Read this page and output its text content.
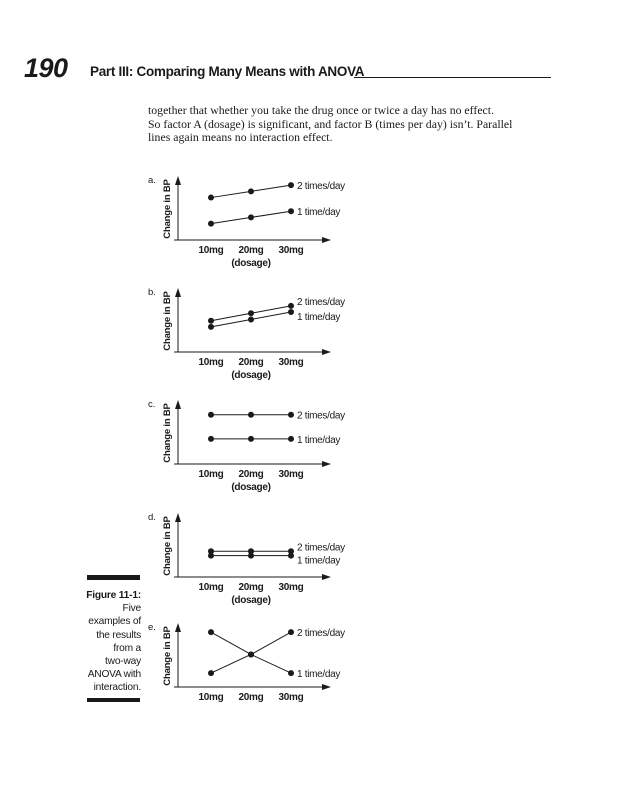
190 Part III: Comparing Many Means with ANOVA
together that whether you take the drug once or twice a day has no effect.
So factor A (dosage) is significant, and factor B (times per day) isn’t. Parallel
lines again means no interaction effect.
Figure 11-1:
Five
examples of
the results
from a
two-way
ANOVA with
interaction.
a. Change in BP
10mg 20mg 30mg
(dosage)
2 times/day
1 time/day
b. Change in BP
10mg 20mg 30mg
(dosage)
2 times/day
1 time/day
c. Change in BP
10mg 20mg 30mg
(dosage)
2 times/day
1 time/day
d. Change in BP
10mg 20mg 30mg
(dosage)
2 times/day
1 time/day
e. Change in BP
10mg 20mg 30mg
2 times/day
1 time/day
